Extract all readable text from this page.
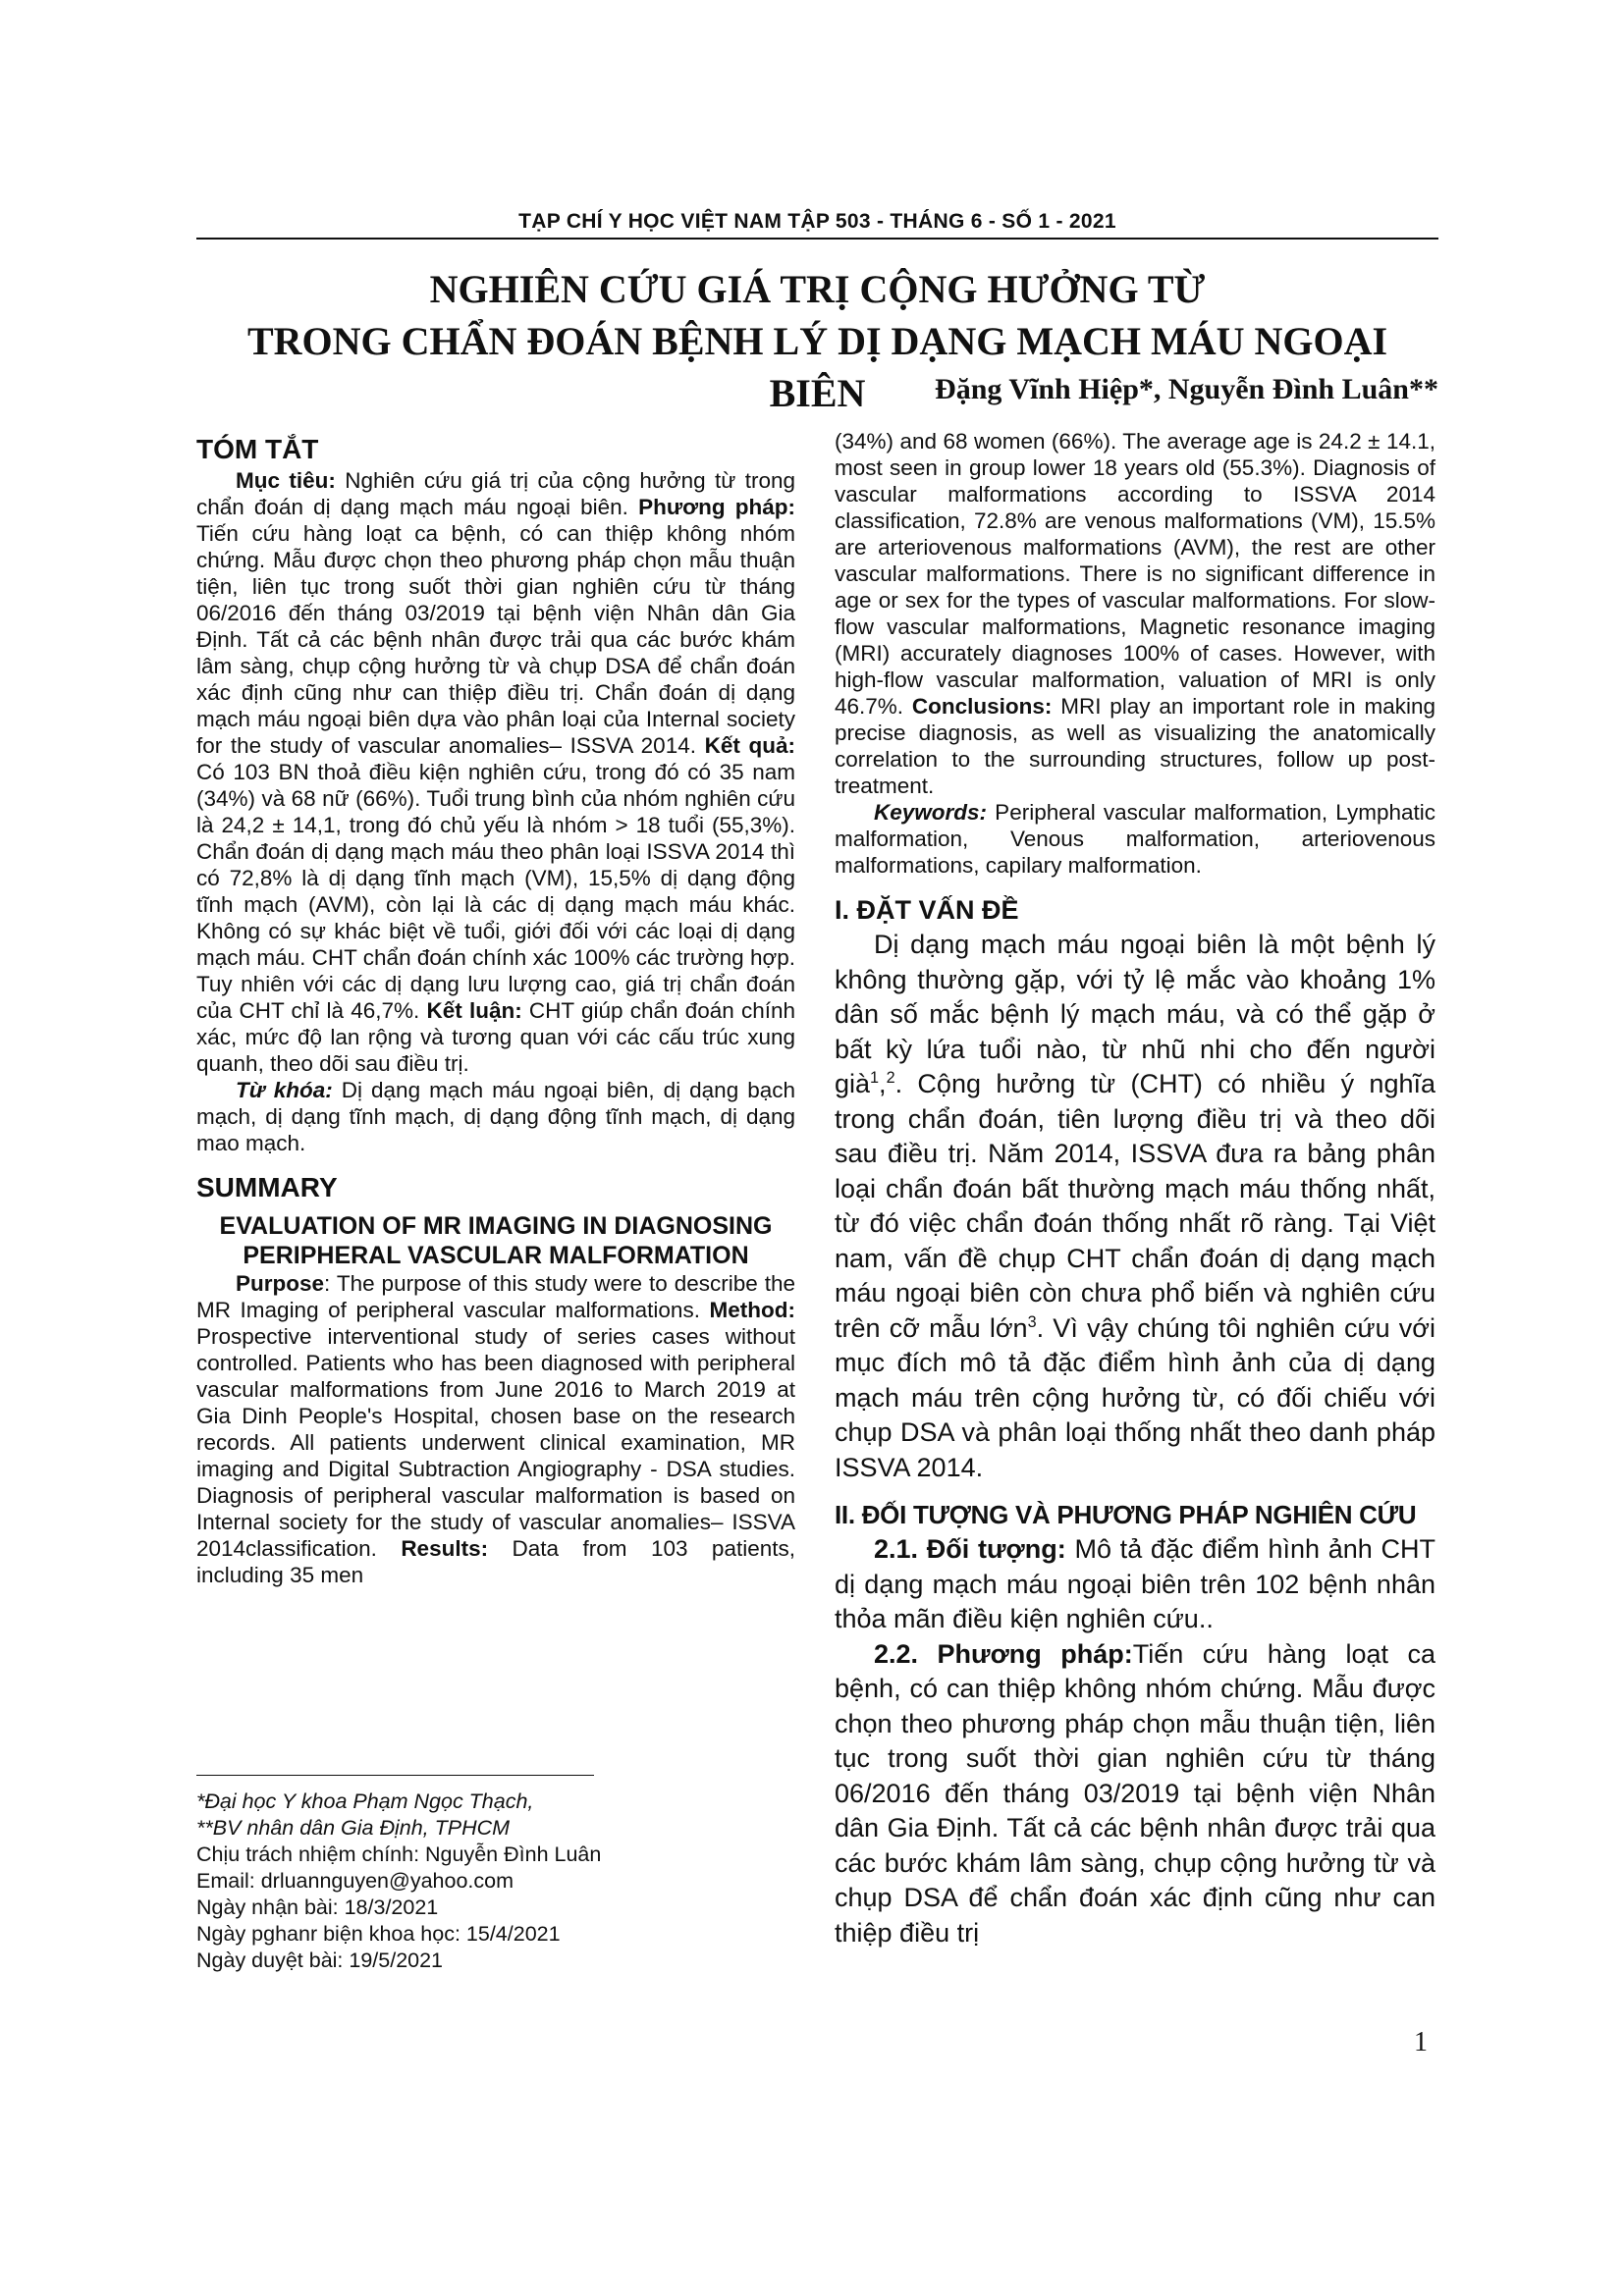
TẠP CHÍ Y HỌC VIỆT NAM TẬP 503 - THÁNG 6 - SỐ 1 - 2021
NGHIÊN CỨU GIÁ TRỊ CỘNG HƯỞNG TỪ
TRONG CHẨN ĐOÁN BỆNH LÝ DỊ DẠNG MẠCH MÁU NGOẠI BIÊN	Đặng Vĩnh Hiệp*, Nguyễn Đình Luân**
TÓM TẮT

Mục tiêu: Nghiên cứu giá trị của cộng hưởng từ trong chẩn đoán dị dạng mạch máu ngoại biên. Phương pháp: Tiến cứu hàng loạt ca bệnh, có can thiệp không nhóm chứng. Mẫu được chọn theo phương pháp chọn mẫu thuận tiện, liên tục trong suốt thời gian nghiên cứu từ tháng 06/2016 đến tháng 03/2019 tại bệnh viện Nhân dân Gia Định. Tất cả các bệnh nhân được trải qua các bước khám lâm sàng, chụp cộng hưởng từ và chụp DSA để chẩn đoán xác định cũng như can thiệp điều trị. Chẩn đoán dị dạng mạch máu ngoại biên dựa vào phân loại của Internal society for the study of vascular anomalies– ISSVA 2014. Kết quả: Có 103 BN thoả điều kiện nghiên cứu, trong đó có 35 nam (34%) và 68 nữ (66%). Tuổi trung bình của nhóm nghiên cứu là 24,2 ± 14,1, trong đó chủ yếu là nhóm > 18 tuổi (55,3%). Chẩn đoán dị dạng mạch máu theo phân loại ISSVA 2014 thì có 72,8% là dị dạng tĩnh mạch (VM), 15,5% dị dạng động tĩnh mạch (AVM), còn lại là các dị dạng mạch máu khác. Không có sự khác biệt về tuổi, giới đối với các loại dị dạng mạch máu. CHT chẩn đoán chính xác 100% các trường hợp. Tuy nhiên với các dị dạng lưu lượng cao, giá trị chẩn đoán của CHT chỉ là 46,7%. Kết luận: CHT giúp chẩn đoán chính xác, mức độ lan rộng và tương quan với các cấu trúc xung quanh, theo dõi sau điều trị.

Từ khóa: Dị dạng mạch máu ngoại biên, dị dạng bạch mạch, dị dạng tĩnh mạch, dị dạng động tĩnh mạch, dị dạng mao mạch.

SUMMARY
EVALUATION OF MR IMAGING IN DIAGNOSING PERIPHERAL VASCULAR MALFORMATION

Purpose: The purpose of this study were to describe the MR Imaging of peripheral vascular malformations. Method: Prospective interventional study of series cases without controlled. Patients who has been diagnosed with peripheral vascular malformations from June 2016 to March 2019 at Gia Dinh People's Hospital, chosen base on the research records. All patients underwent clinical examination, MR imaging and Digital Subtraction Angiography - DSA studies. Diagnosis of peripheral vascular malformation is based on Internal society for the study of vascular anomalies– ISSVA 2014classification. Results: Data from 103 patients, including 35 men

*Đại học Y khoa Phạm Ngọc Thạch,
**BV nhân dân Gia Định, TPHCM
Chịu trách nhiệm chính: Nguyễn Đình Luân
Email: drluannguyen@yahoo.com
Ngày nhận bài: 18/3/2021
Ngày pghanr biện khoa học: 15/4/2021
Ngày duyệt bài: 19/5/2021

(34%) and 68 women (66%). The average age is 24.2 ± 14.1, most seen in group lower 18 years old (55.3%). Diagnosis of vascular malformations according to ISSVA 2014 classification, 72.8% are venous malformations (VM), 15.5% are arteriovenous malformations (AVM), the rest are other vascular malformations. There is no significant difference in age or sex for the types of vascular malformations. For slow- flow vascular malformations, Magnetic resonance imaging (MRI) accurately diagnoses 100% of cases. However, with high-flow vascular malformation, valuation of MRI is only 46.7%. Conclusions: MRI play an important role in making precise diagnosis, as well as visualizing the anatomically correlation to the surrounding structures, follow up post- treatment.

Keywords: Peripheral vascular malformation, Lymphatic malformation, Venous malformation, arteriovenous malformations, capilary malformation.

I. ĐẶT VẤN ĐỀ

Dị dạng mạch máu ngoại biên là một bệnh lý không thường gặp, với tỷ lệ mắc vào khoảng 1% dân số mắc bệnh lý mạch máu, và có thể gặp ở bất kỳ lứa tuổi nào, từ nhũ nhi cho đến người già$^1$,$^2$. Cộng hưởng từ (CHT) có nhiều ý nghĩa trong chẩn đoán, tiên lượng điều trị và theo dõi sau điều trị. Năm 2014, ISSVA đưa ra bảng phân loại chẩn đoán bất thường mạch máu thống nhất, từ đó việc chẩn đoán thống nhất rõ ràng. Tại Việt nam, vấn đề chụp CHT chẩn đoán dị dạng mạch máu ngoại biên còn chưa phổ biến và nghiên cứu trên cỡ mẫu lớn$^3$. Vì vậy chúng tôi nghiên cứu với mục đích mô tả đặc điểm hình ảnh của dị dạng mạch máu trên cộng hưởng từ, có đối chiếu với chụp DSA và phân loại thống nhất theo danh pháp ISSVA 2014.

II. ĐỐI TƯỢNG VÀ PHƯƠNG PHÁP NGHIÊN CỨU

2.1. Đối tượng: Mô tả đặc điểm hình ảnh CHT dị dạng mạch máu ngoại biên trên 102 bệnh nhân thỏa mãn điều kiện nghiên cứu..

2.2. Phương pháp:Tiến cứu hàng loạt ca bệnh, có can thiệp không nhóm chứng. Mẫu được chọn theo phương pháp chọn mẫu thuận tiện, liên tục trong suốt thời gian nghiên cứu từ tháng 06/2016 đến tháng 03/2019 tại bệnh viện Nhân dân Gia Định. Tất cả các bệnh nhân được trải qua các bước khám lâm sàng, chụp cộng hưởng từ và chụp DSA để chẩn đoán xác định cũng như can thiệp điều trị

1
